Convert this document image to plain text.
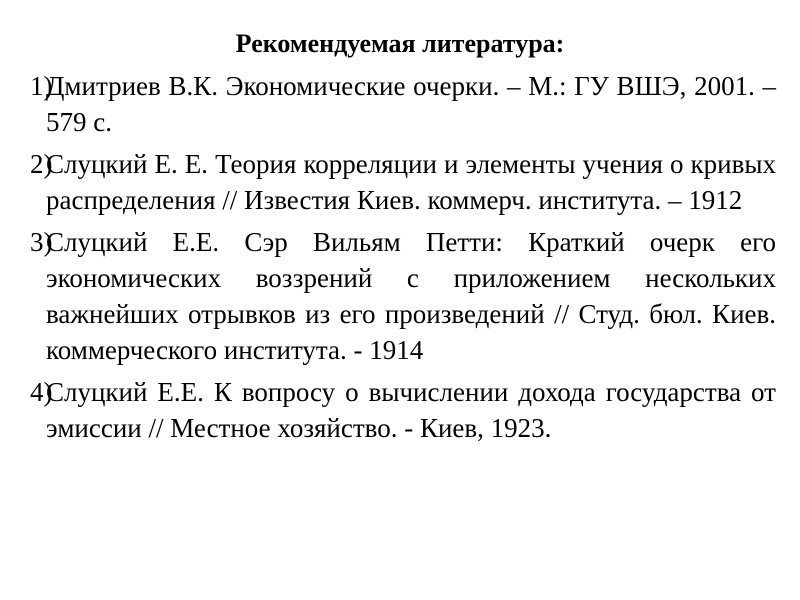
Рекомендуемая литература:
1)
Дмитриев В.К. Экономические очерки. – М.: ГУ ВШЭ, 2001. – 579 с.
2)
Слуцкий Е. Е. Теория корреляции и элементы учения о кривых распределения // Известия Киев. коммерч. института. – 1912
3)
Слуцкий Е.Е. Сэр Вильям Петти: Краткий очерк его экономических воззрений с приложением нескольких важнейших отрывков из его произведений // Студ. бюл. Киев. коммерческого института. - 1914
4)
Слуцкий Е.Е. К вопросу о вычислении дохода государства от эмиссии // Местное хозяйство. - Киев, 1923.
